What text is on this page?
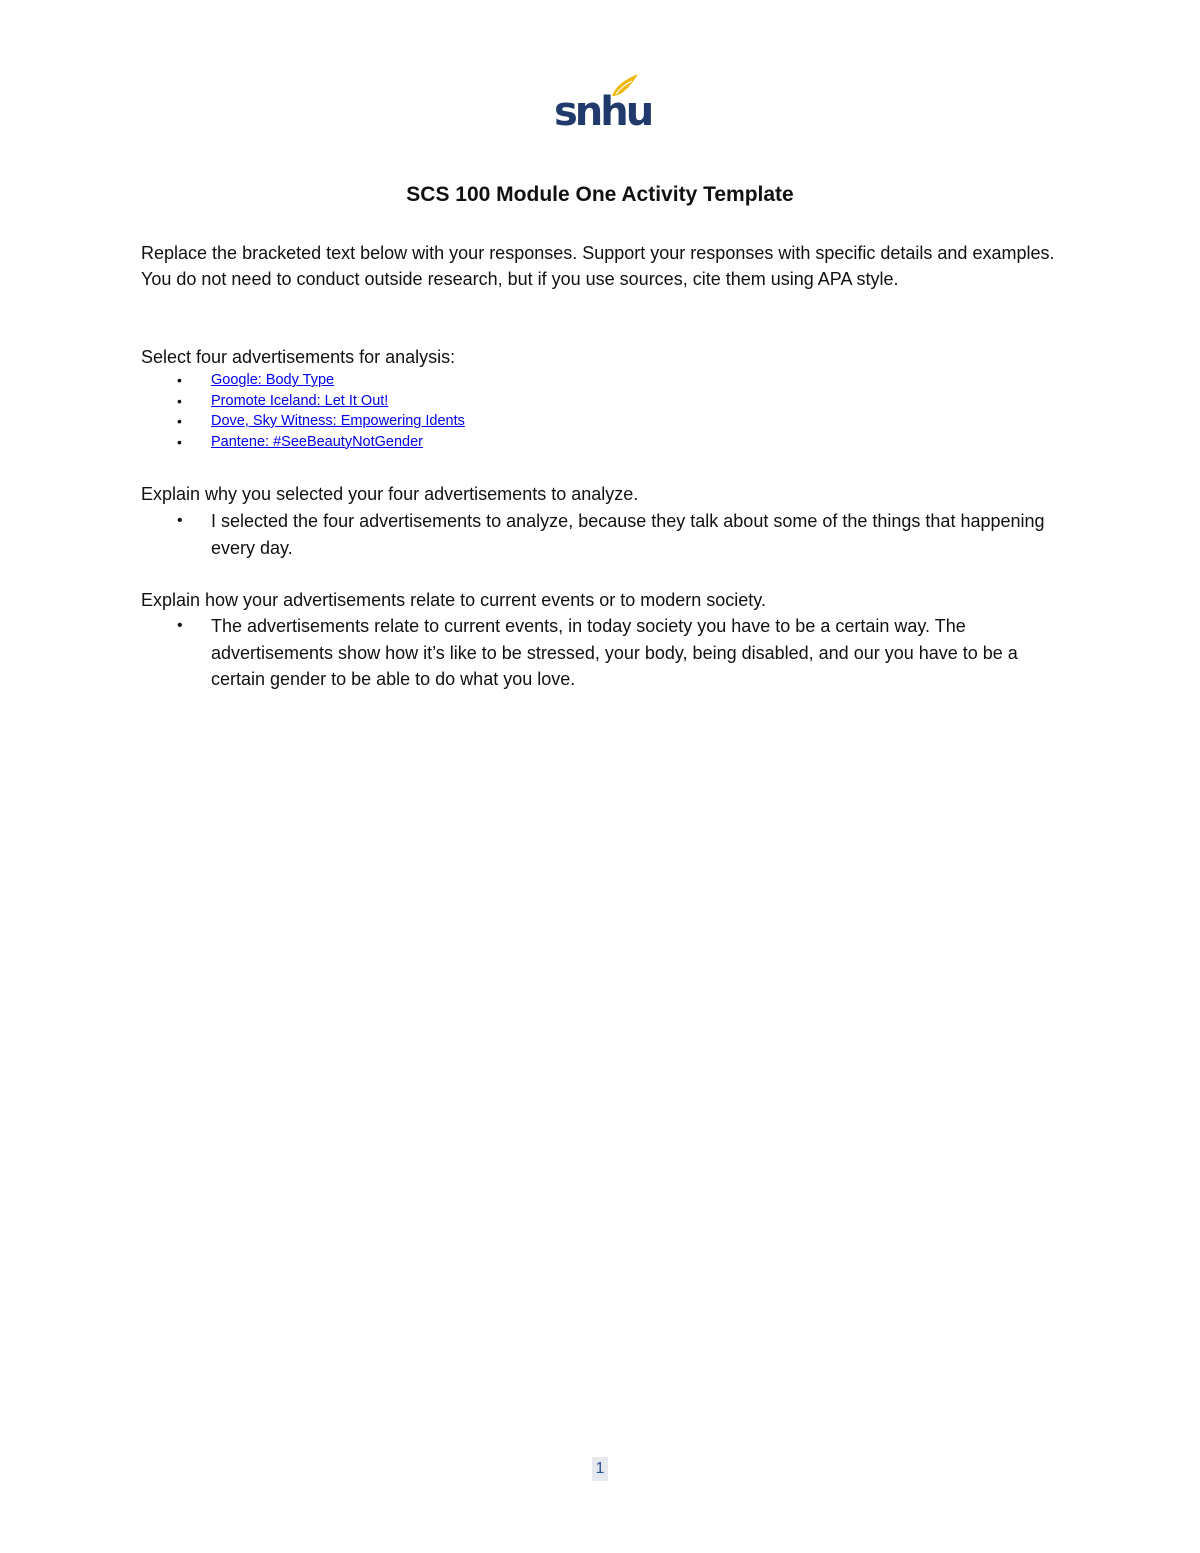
snhu
SCS 100 Module One Activity Template

Replace the bracketed text below with your responses. Support your responses with specific details and examples. You do not need to conduct outside research, but if you use sources, cite them using APA style.

Select four advertisements for analysis:

• Google: Body Type
• Promote Iceland: Let It Out!
• Dove, Sky Witness: Empowering Idents
• Pantene: #SeeBeautyNotGender

Explain why you selected your four advertisements to analyze.

• I selected the four advertisements to analyze, because they talk about some of the things that happening every day.

Explain how your advertisements relate to current events or to modern society.

• The advertisements relate to current events, in today society you have to be a certain way. The advertisements show how it’s like to be stressed, your body, being disabled, and our you have to be a certain gender to be able to do what you love.
1
